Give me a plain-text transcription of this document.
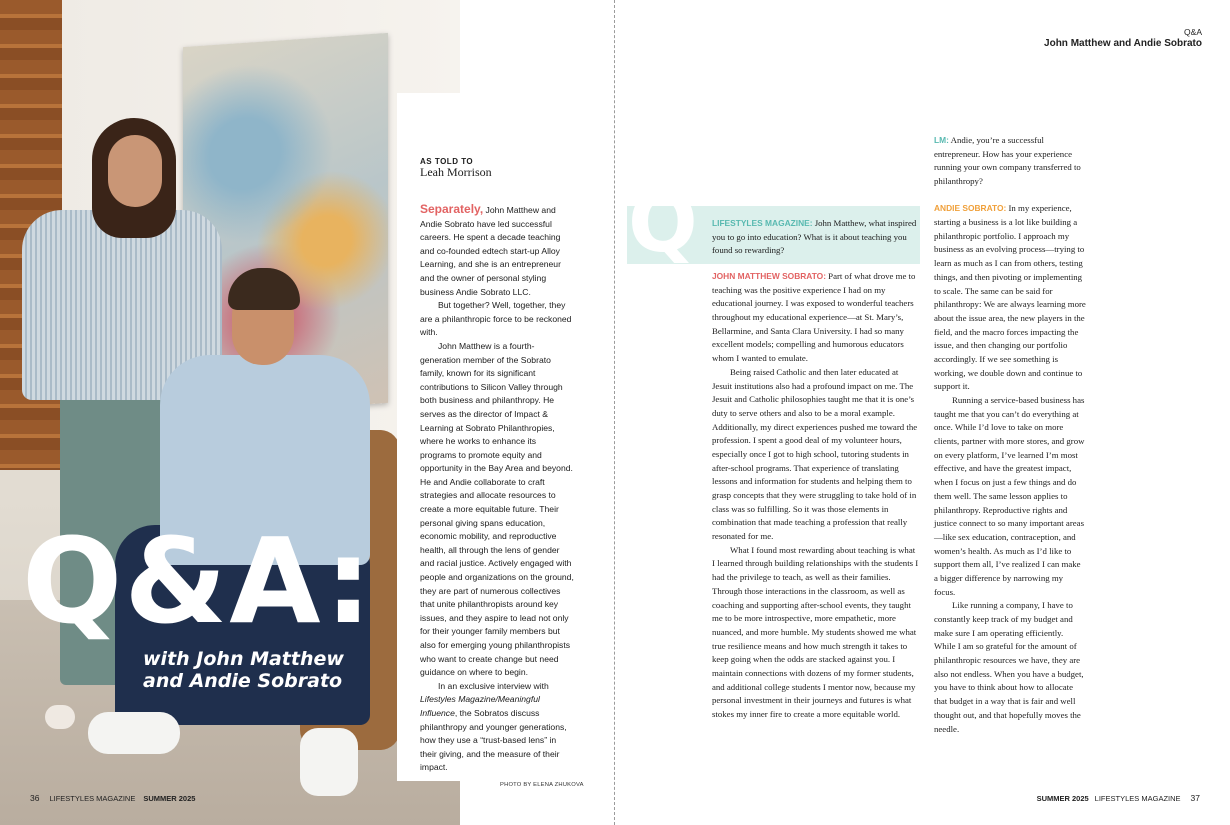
Q&A:
with John Matthew
and Andie Sobrato
AS TOLD TO
Leah Morrison

Separately, John Matthew and Andie Sobrato have led successful careers. He spent a decade teaching and co-founded edtech start-up Alloy Learning, and she is an entrepreneur and the owner of personal styling business Andie Sobrato LLC.

But together? Well, together, they are a philanthropic force to be reckoned with.

John Matthew is a fourth-generation member of the Sobrato family, known for its significant contributions to Silicon Valley through both business and philanthropy. He serves as the director of Impact & Learning at Sobrato Philanthropies, where he works to enhance its programs to promote equity and opportunity in the Bay Area and beyond. He and Andie collaborate to craft strategies and allocate resources to create a more equitable future. Their personal giving spans education, economic mobility, and reproductive health, all through the lens of gender and racial justice. Actively engaged with people and organizations on the ground, they are part of numerous collectives that unite philanthropists around key issues, and they aspire to lead not only for their younger family members but also for emerging young philanthropists who want to create change but need guidance on where to begin.

In an exclusive interview with Lifestyles Magazine/Meaningful Influence, the Sobratos discuss philanthropy and younger generations, how they use a “trust-based lens” in their giving, and the measure of their impact.

PHOTO BY ELENA ZHUKOVA
36 LIFESTYLES MAGAZINE SUMMER 2025
Q&A
John Matthew and Andie Sobrato
Q LIFESTYLES MAGAZINE: John Matthew, what inspired you to go into education? What is it about teaching you found so rewarding?

JOHN MATTHEW SOBRATO: Part of what drove me to teaching was the positive experience I had on my educational journey. I was exposed to wonderful teachers throughout my educational experience—at St. Mary’s, Bellarmine, and Santa Clara University. I had so many excellent models; compelling and humorous educators whom I wanted to emulate.

Being raised Catholic and then later educated at Jesuit institutions also had a profound impact on me. The Jesuit and Catholic philosophies taught me that it is one’s duty to serve others and also to be a moral example. Additionally, my direct experiences pushed me toward the profession. I spent a good deal of my volunteer hours, especially once I got to high school, tutoring students in after-school programs. That experience of translating lessons and information for students and helping them to grasp concepts that they were struggling to take hold of in class was so fulfilling. So it was those elements in combination that made teaching a profession that really resonated for me.

What I found most rewarding about teaching is what I learned through building relationships with the students I had the privilege to teach, as well as their families. Through those interactions in the classroom, as well as coaching and supporting after-school events, they taught me to be more introspective, more empathetic, more nuanced, and more humble. My students showed me what true resilience means and how much strength it takes to keep going when the odds are stacked against you. I maintain connections with dozens of my former students, and additional college students I mentor now, because my personal investment in their journeys and futures is what stokes my inner fire to create a more equitable world.

LM: Andie, you’re a successful entrepreneur. How has your experience running your own company transferred to philanthropy?

ANDIE SOBRATO: In my experience, starting a business is a lot like building a philanthropic portfolio. I approach my business as an evolving process—trying to learn as much as I can from others, testing things, and then pivoting or implementing to scale. The same can be said for philanthropy: We are always learning more about the issue area, the new players in the field, and the macro forces impacting the issue, and then changing our portfolio accordingly. If we see something is working, we double down and continue to support it.

Running a service-based business has taught me that you can’t do everything at once. While I’d love to take on more clients, partner with more stores, and grow on every platform, I’ve learned I’m most effective, and have the greatest impact, when I focus on just a few things and do them well. The same lesson applies to philanthropy. Reproductive rights and justice connect to so many important areas—like sex education, contraception, and women’s health. As much as I’d like to support them all, I’ve realized I can make a bigger difference by narrowing my focus.

Like running a company, I have to constantly keep track of my budget and make sure I am operating efficiently. While I am so grateful for the amount of philanthropic resources we have, they are also not endless. When you have a budget, you have to think about how to allocate that budget in a way that is fair and well thought out, and that hopefully moves the needle.

SUMMER 2025 LIFESTYLES MAGAZINE 37
